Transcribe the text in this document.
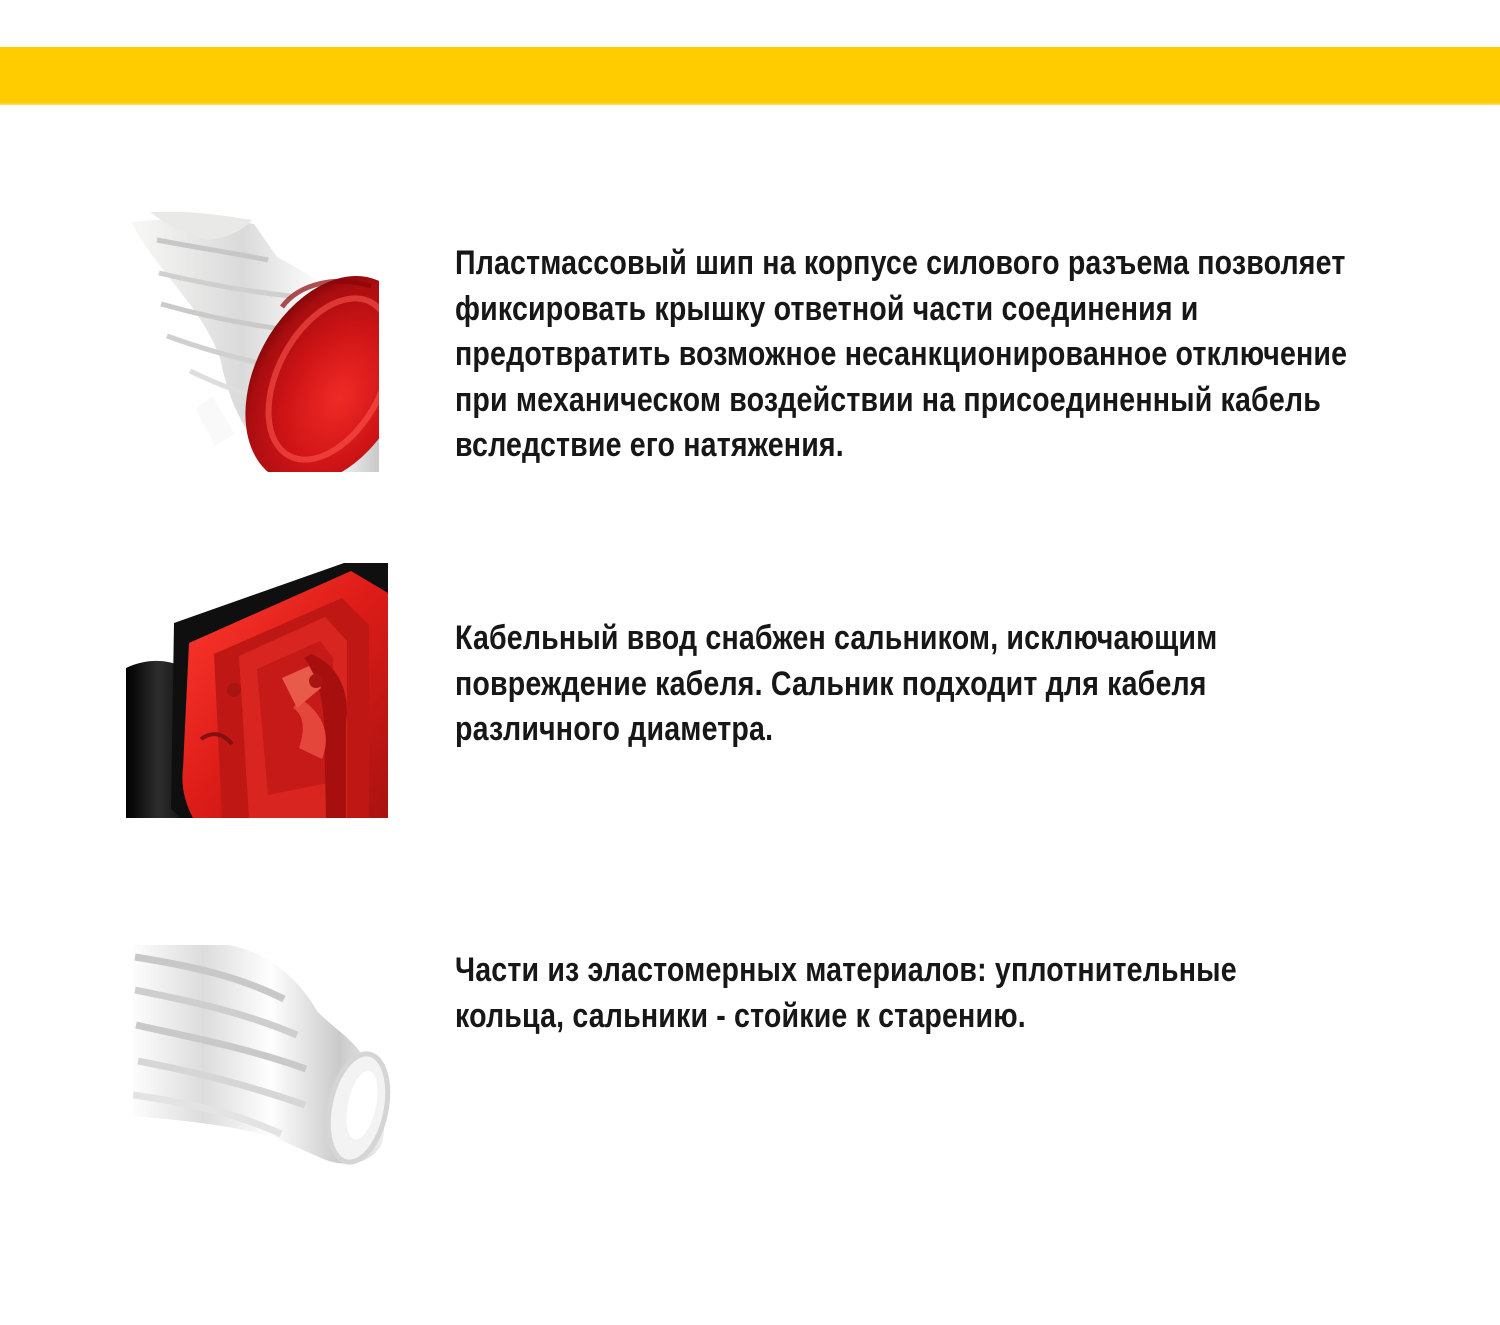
Пластмассовый шип на корпусе силового разъема позволяет
фиксировать крышку ответной части соединения и
предотвратить возможное несанкционированное отключение
при механическом воздействии на присоединенный кабель
вследствие его натяжения.

Кабельный ввод снабжен сальником, исключающим
повреждение кабеля. Сальник подходит для кабеля
различного диаметра.

Части из эластомерных материалов: уплотнительные
кольца, сальники - стойкие к старению.
